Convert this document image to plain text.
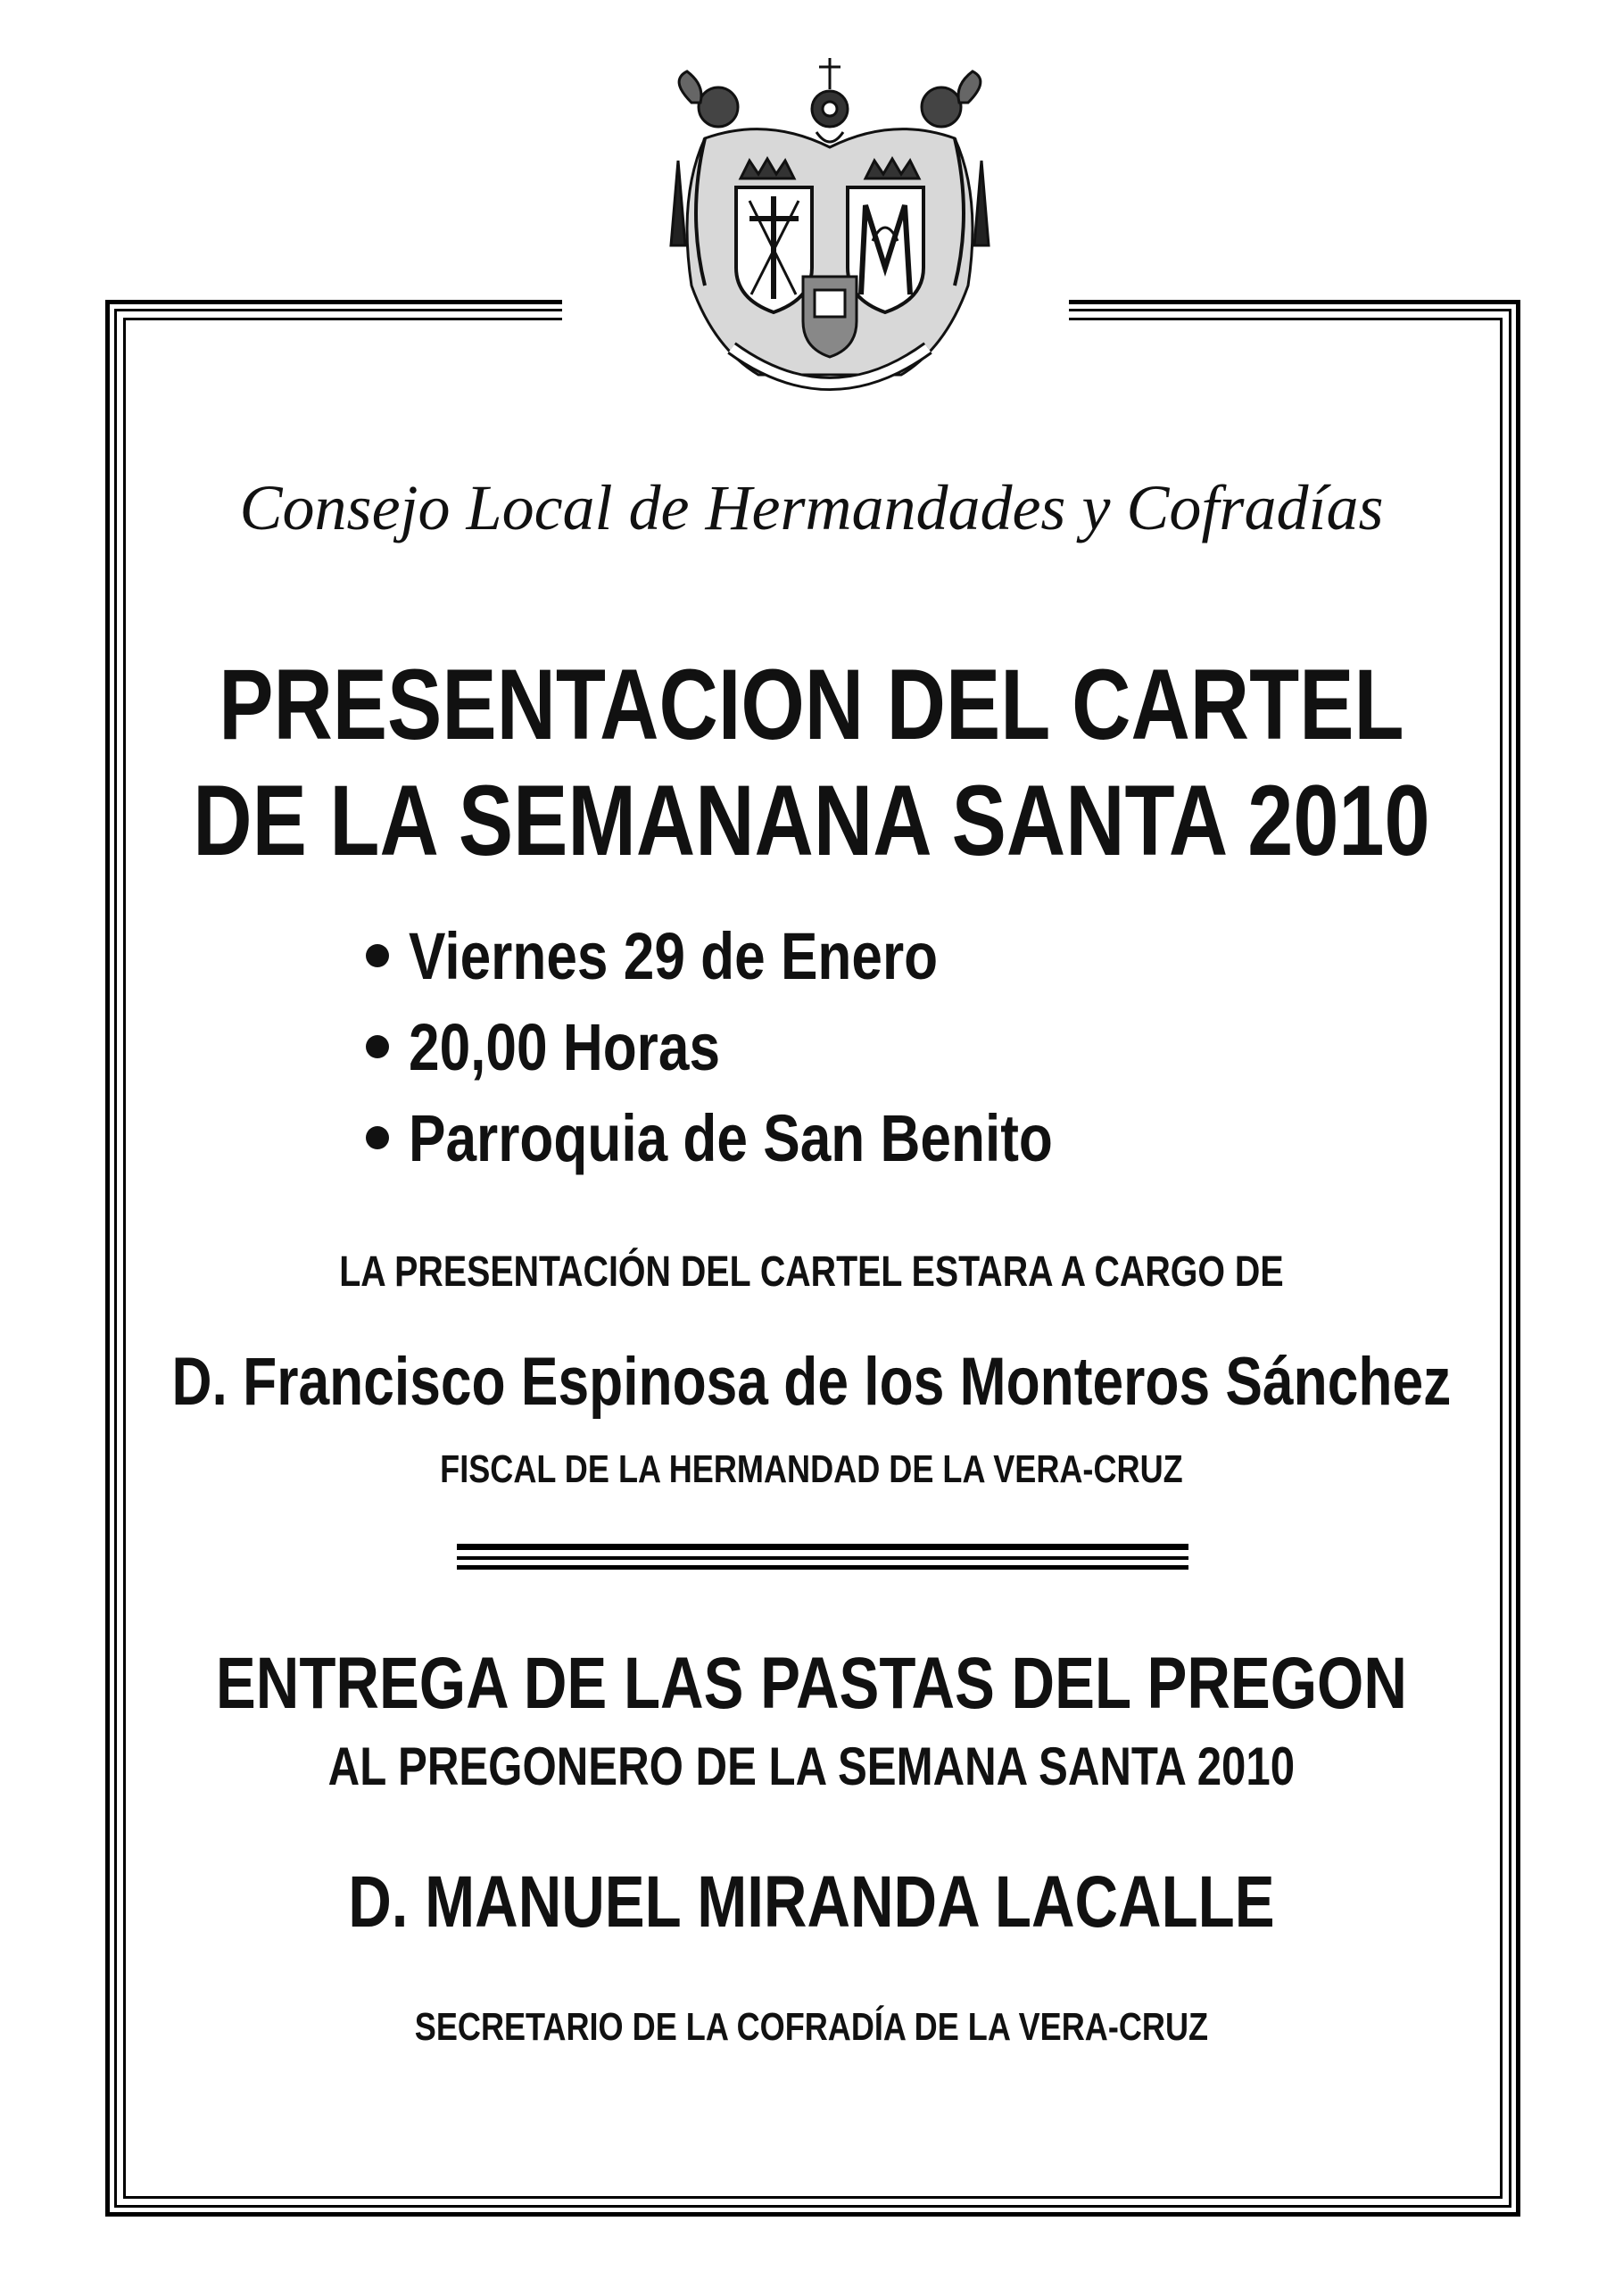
Consejo Local de Hermandades y Cofradías
PRESENTACION DEL CARTEL
DE LA SEMANANA SANTA 2010
Viernes 29 de Enero
20,00 Horas
Parroquia de San Benito
LA PRESENTACIÓN DEL CARTEL ESTARA A CARGO DE
D. Francisco Espinosa de los Monteros Sánchez
FISCAL DE LA HERMANDAD DE LA VERA-CRUZ
ENTREGA DE LAS PASTAS DEL PREGON
AL PREGONERO DE LA SEMANA SANTA 2010
D. MANUEL MIRANDA LACALLE
SECRETARIO DE LA COFRADÍA DE LA VERA-CRUZ
